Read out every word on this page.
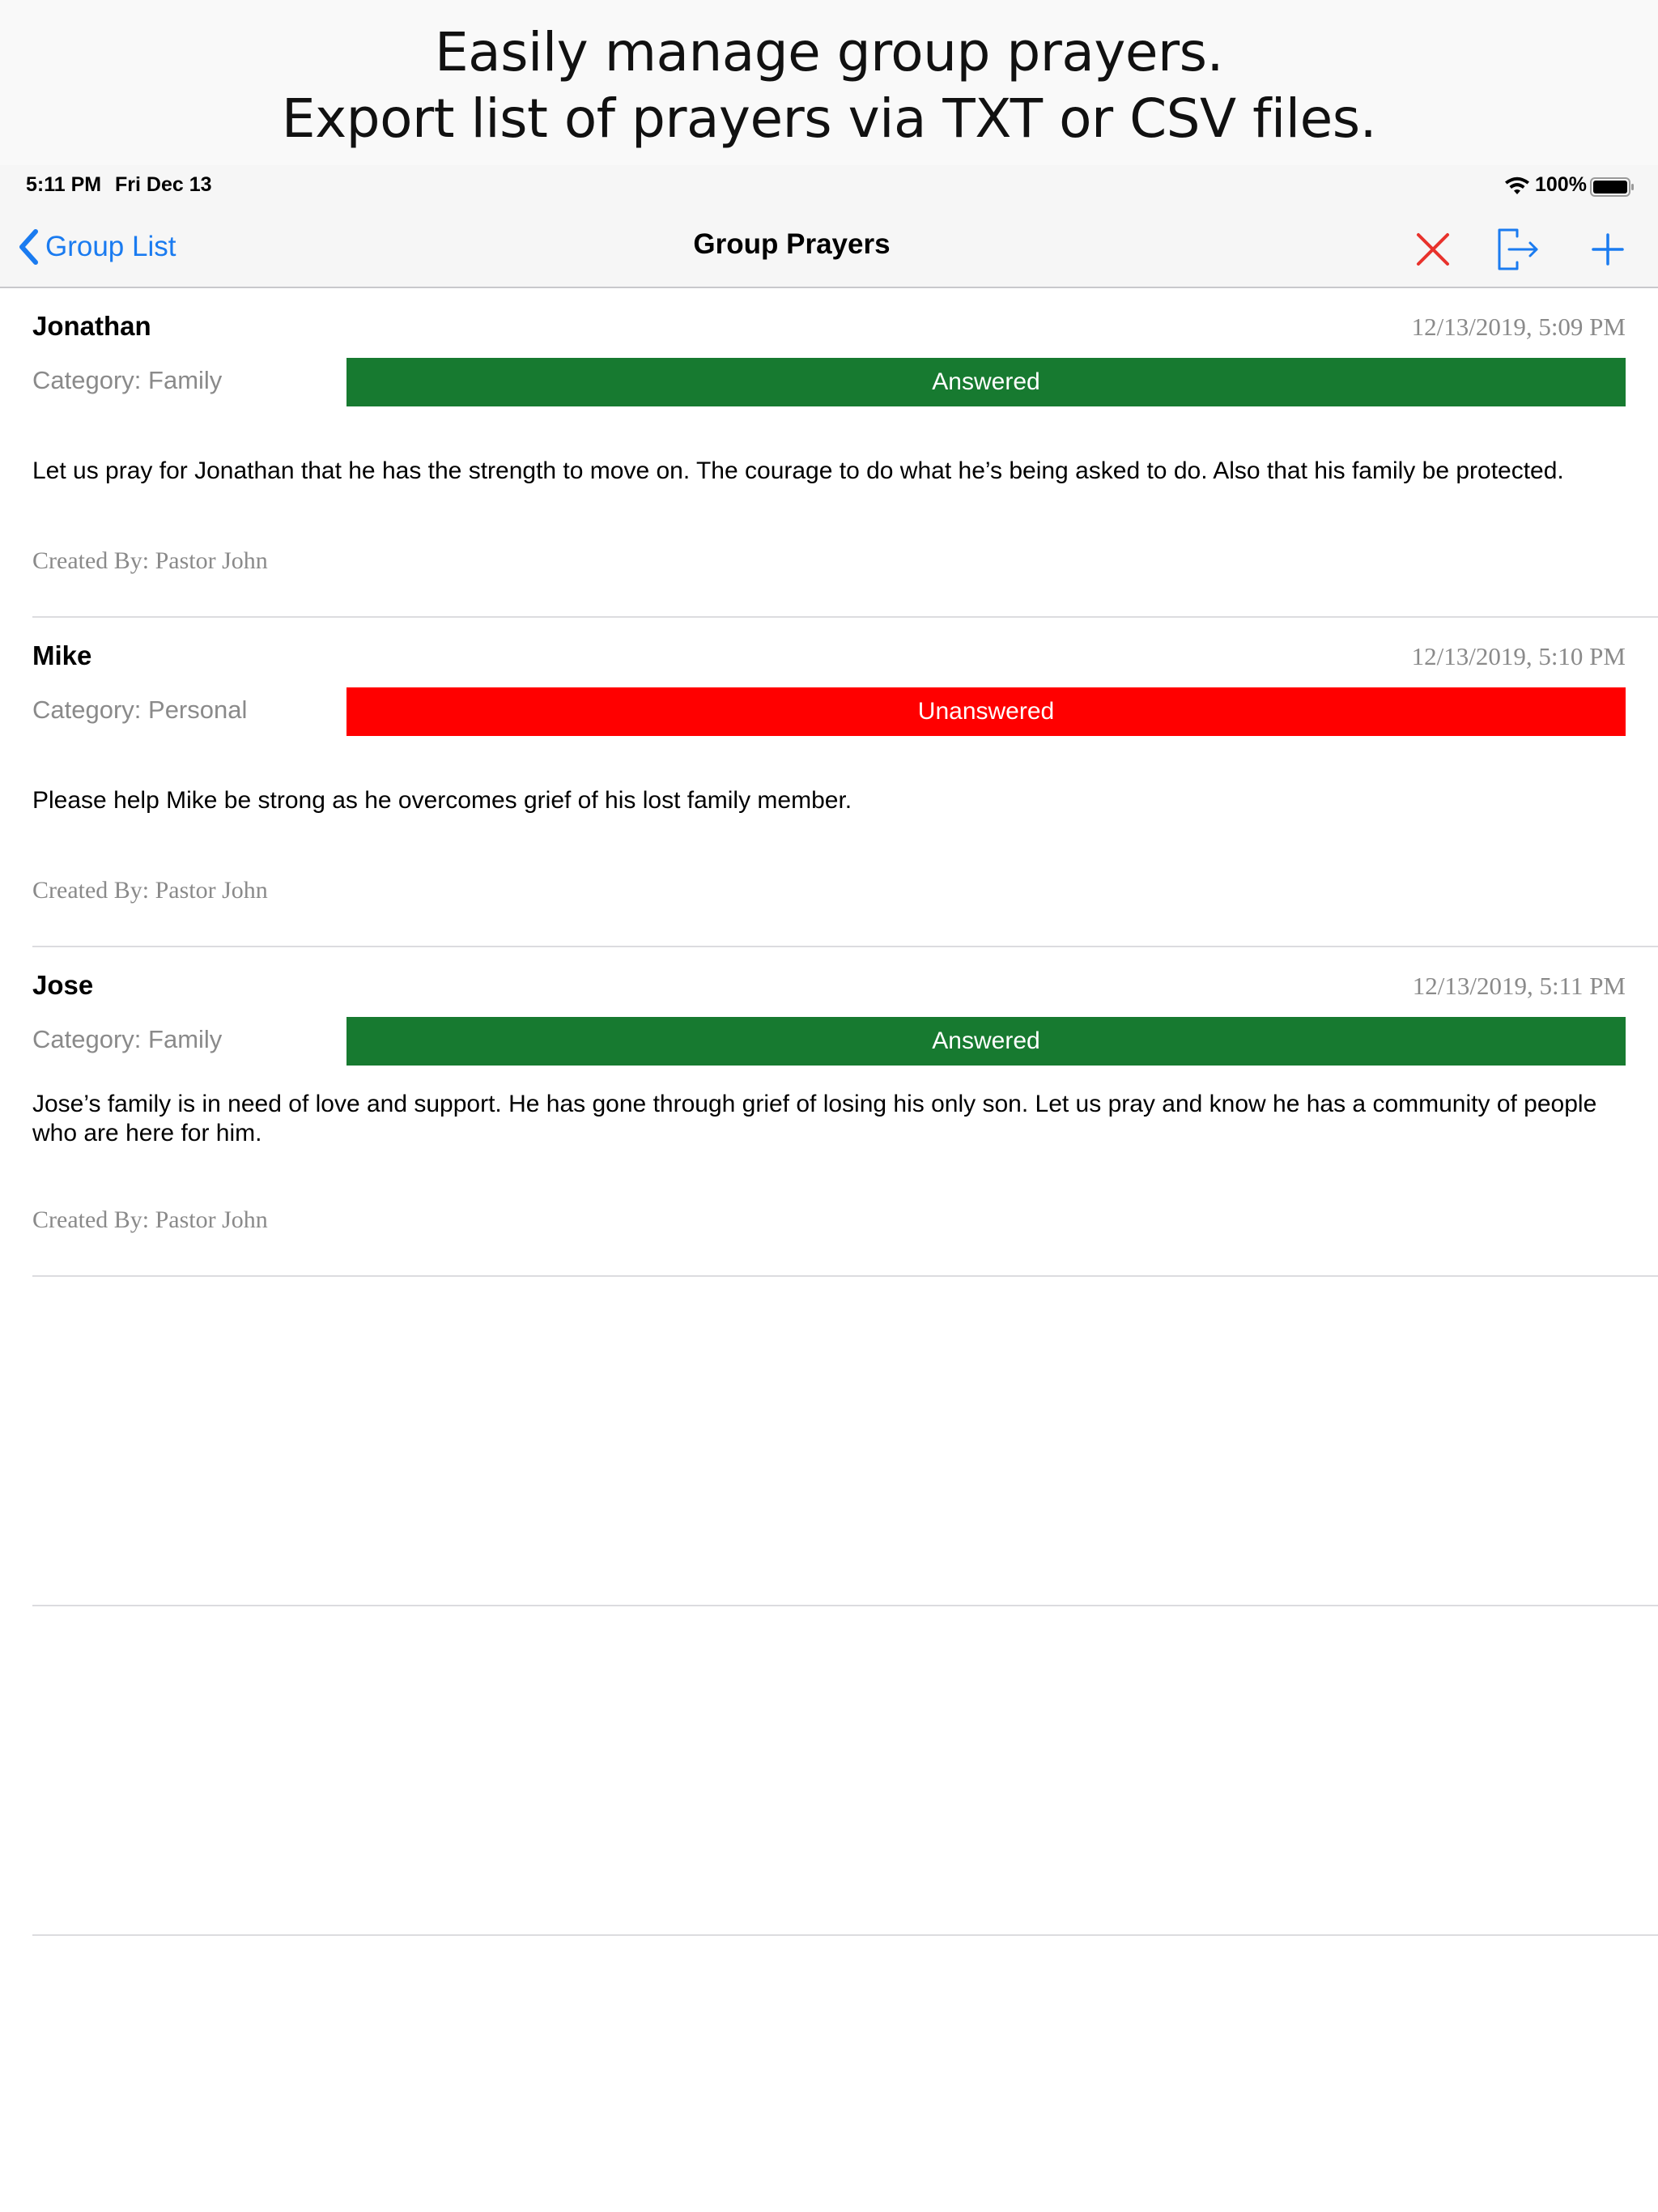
Easily manage group prayers.
Export list of prayers via TXT or CSV files.
5:11 PM Fri Dec 13	100%
Group List	Group Prayers
Jonathan	12/13/2019, 5:09 PM
Category: Family	Answered
Let us pray for Jonathan that he has the strength to move on. The courage to do what he’s being asked to do. Also that his family be protected.
Created By: Pastor John
Mike	12/13/2019, 5:10 PM
Category: Personal	Unanswered
Please help Mike be strong as he overcomes grief of his lost family member.
Created By: Pastor John
Jose	12/13/2019, 5:11 PM
Category: Family	Answered
Jose’s family is in need of love and support. He has gone through grief of losing his only son. Let us pray and know he has a community of people who are here for him.
Created By: Pastor John
